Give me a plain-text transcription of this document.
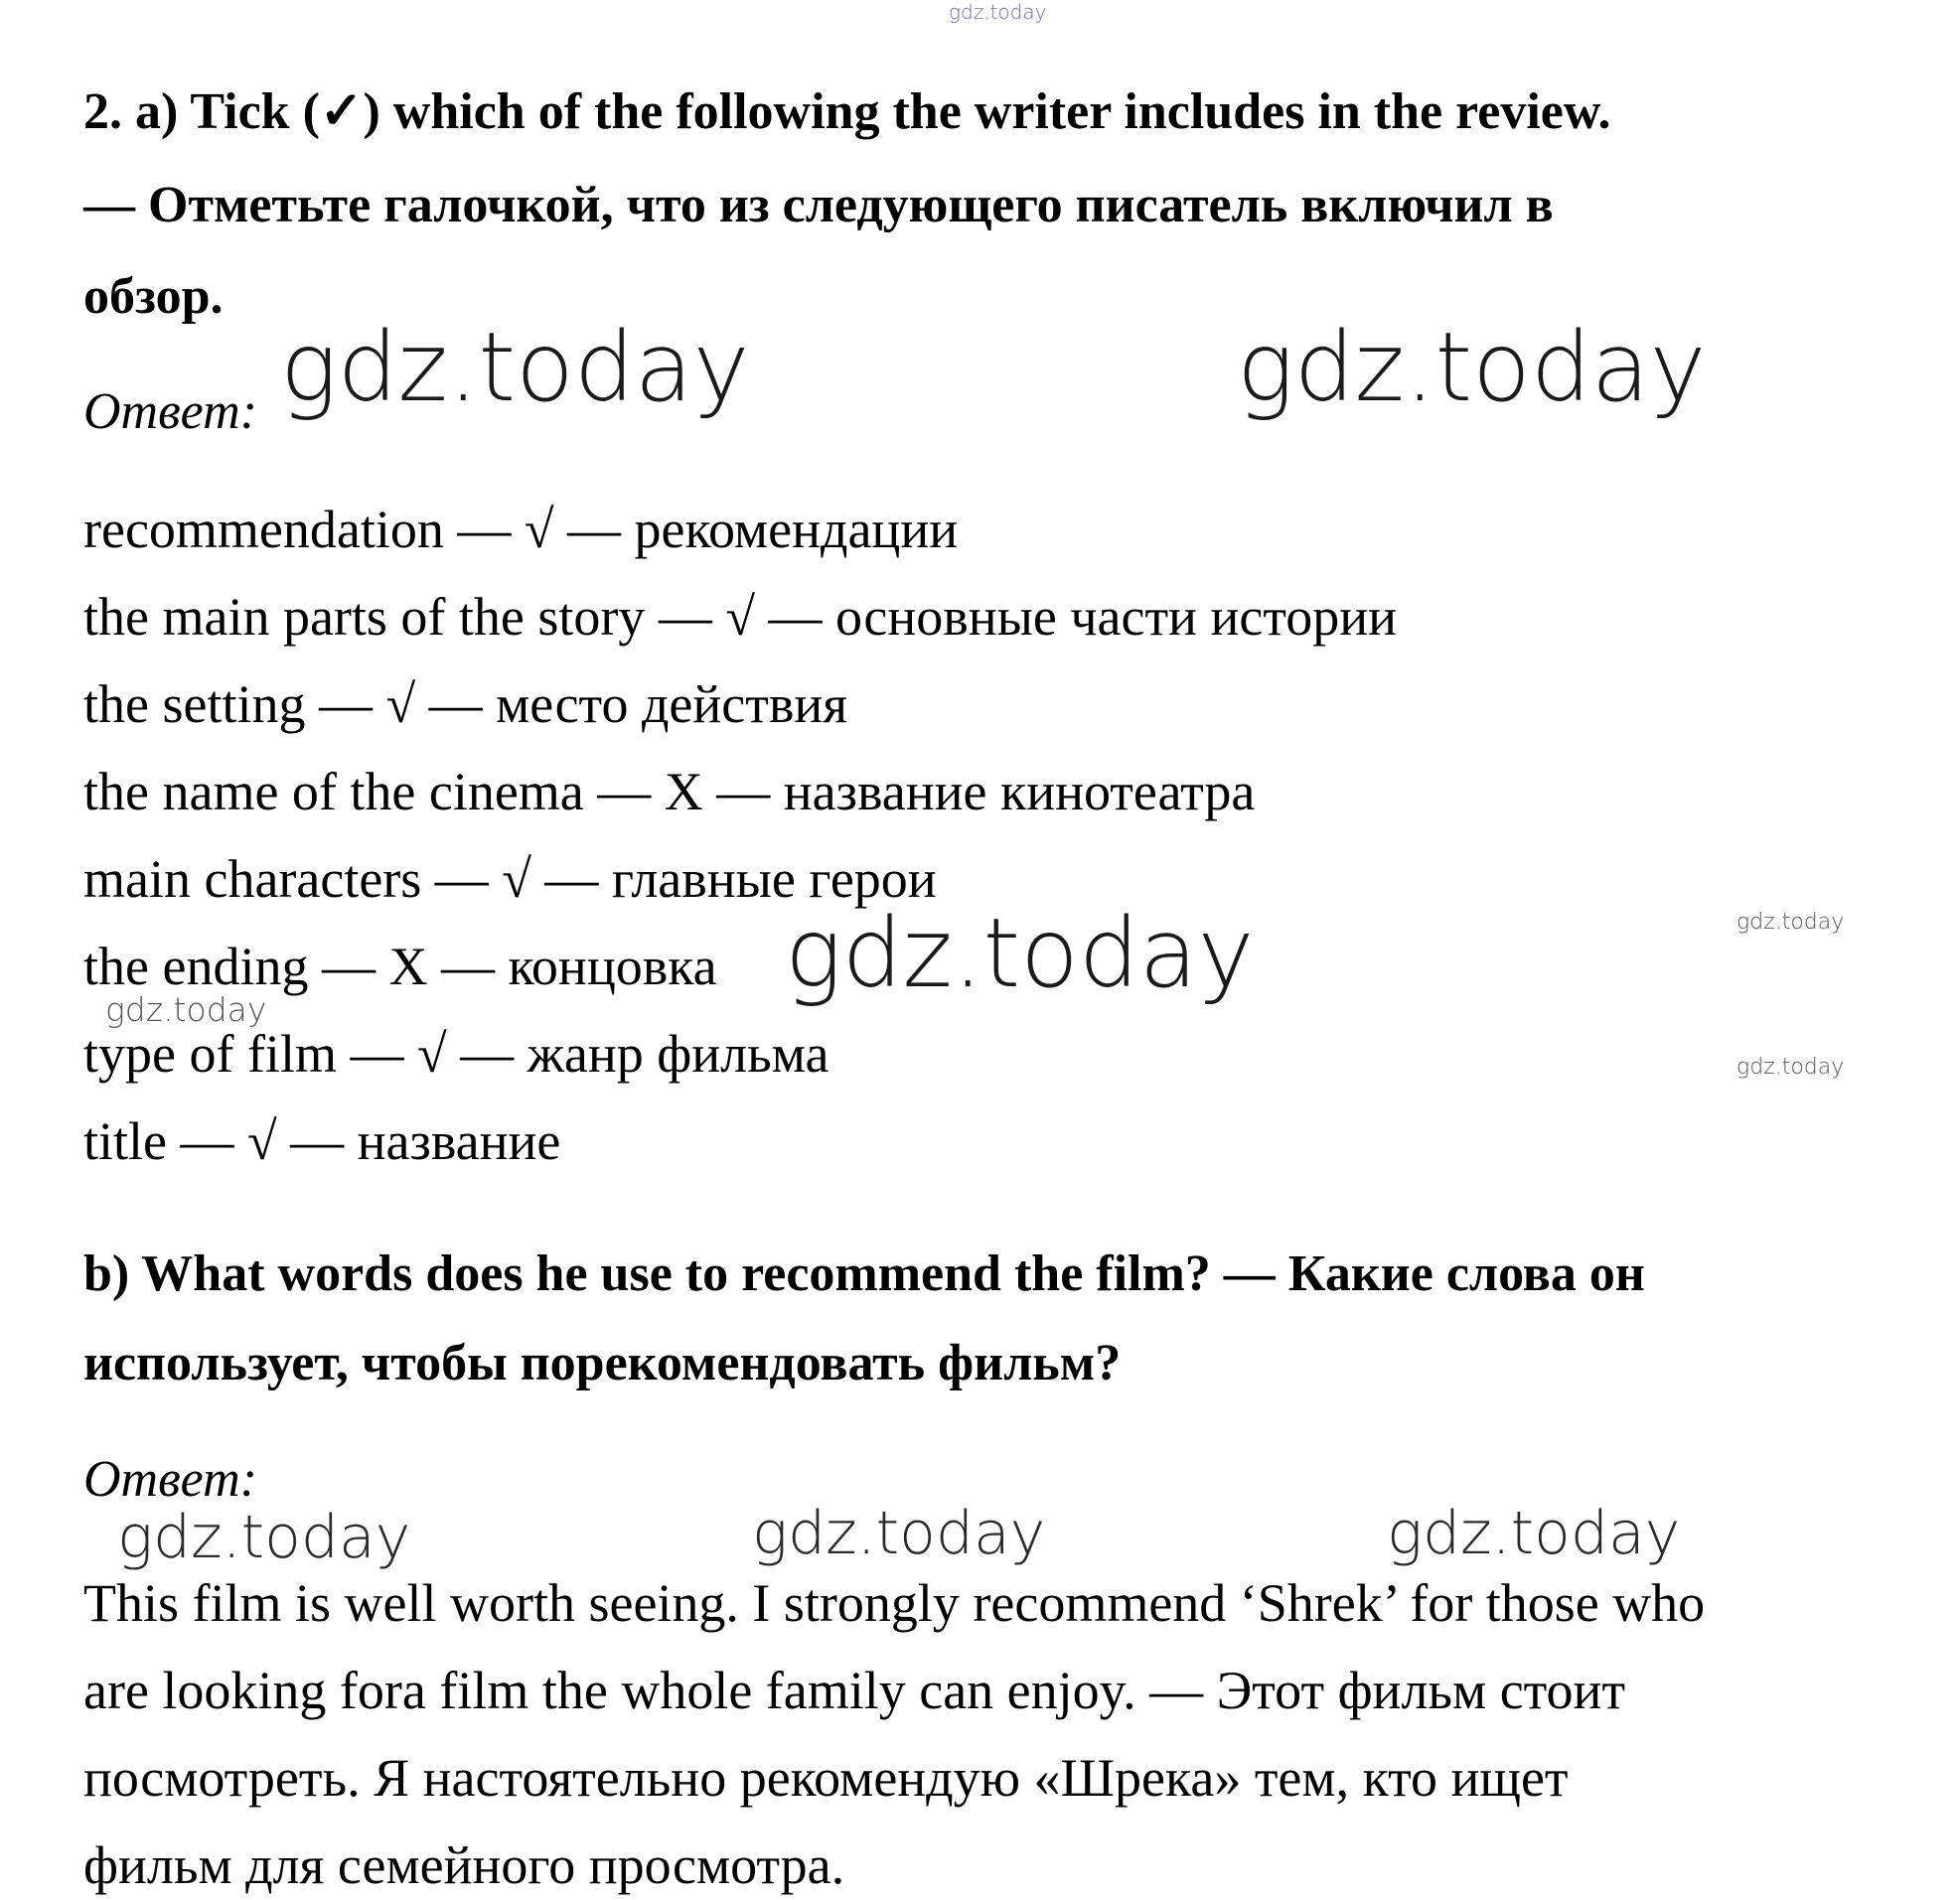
gdz.today
2. a) Tick (✓) which of the following the writer includes in the review.
— Отметьте галочкой, что из следующего писатель включил в
обзор.
Ответ: gdz.today	gdz.today
recommendation — √ — рекомендации
the main parts of the story — √ — основные части истории
the setting — √ — место действия
the name of the cinema — X — название кинотеатра
main characters — √ — главные герои
the ending — X — концовка
type of film — √ — жанр фильма
title — √ — название
gdz.today	gdz.today
gdz.today
gdz.today
b) What words does he use to recommend the film? — Какие слова он
использует, чтобы порекомендовать фильм?
Ответ:
gdz.today	gdz.today	gdz.today
This film is well worth seeing. I strongly recommend ‘Shrek’ for those who
are looking fora film the whole family can enjoy. — Этот фильм стоит
посмотреть. Я настоятельно рекомендую «Шрека» тем, кто ищет
фильм для семейного просмотра.
